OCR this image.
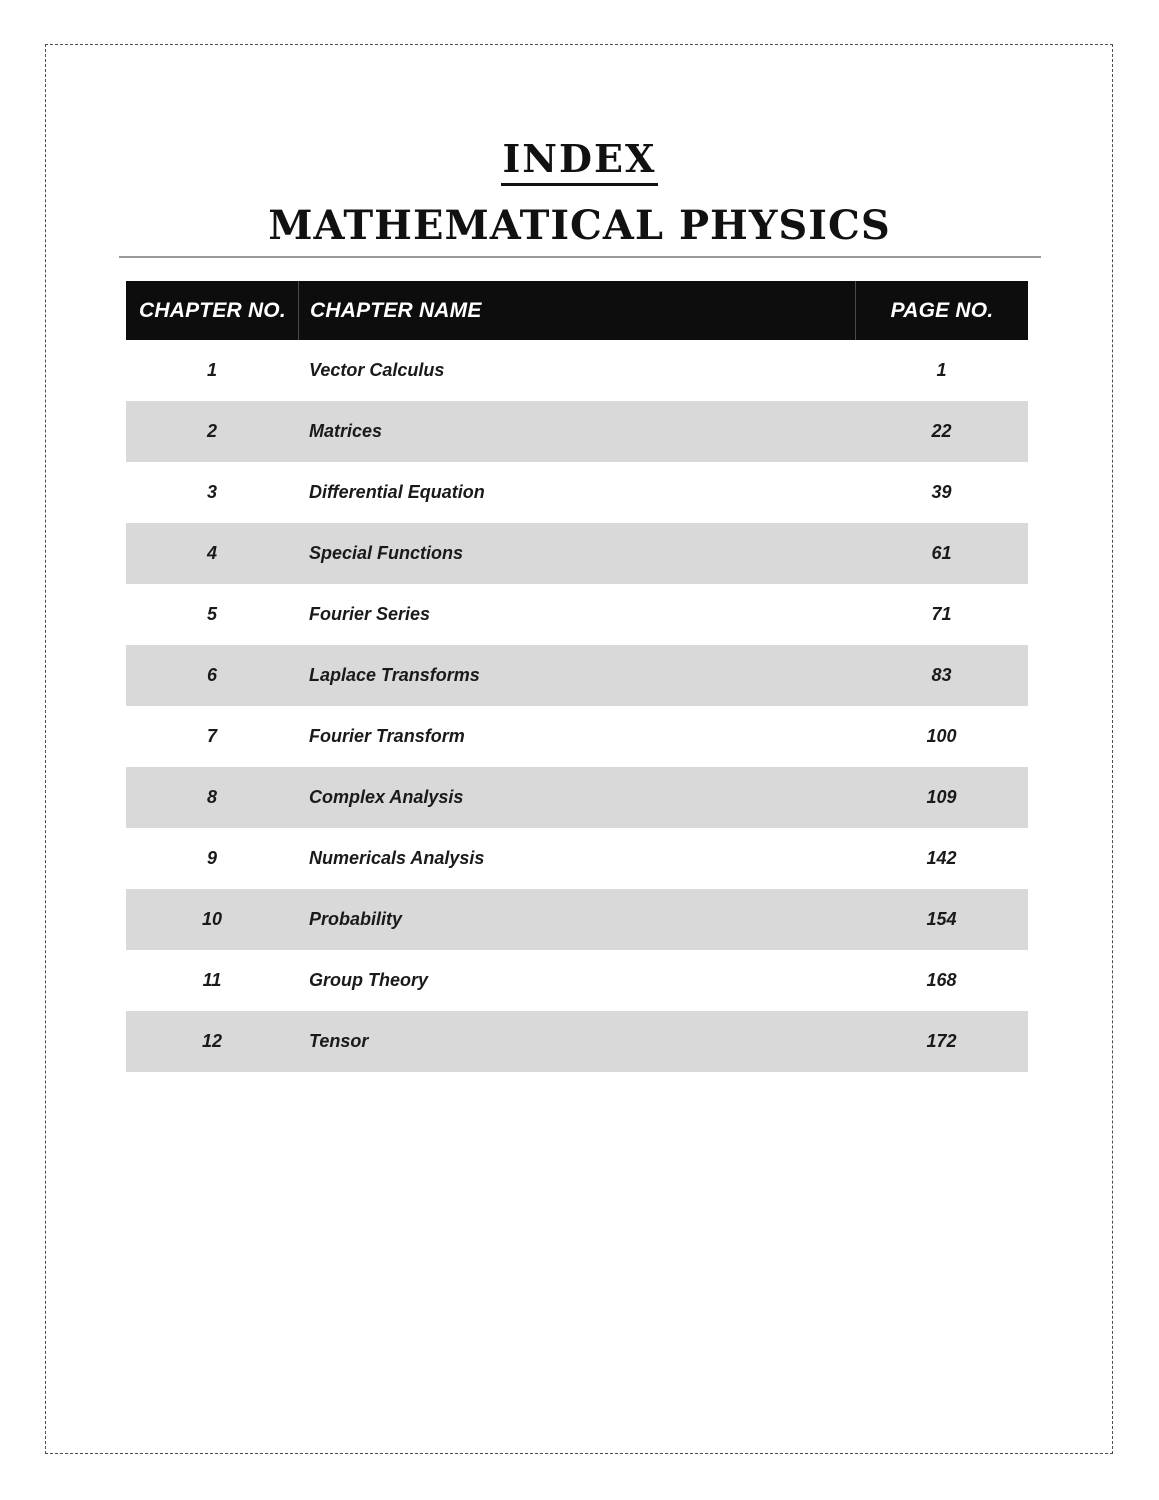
INDEX
MATHEMATICAL PHYSICS
CHAPTER NO.	CHAPTER NAME	PAGE NO.
1	Vector Calculus	1
2	Matrices	22
3	Differential Equation	39
4	Special Functions	61
5	Fourier Series	71
6	Laplace Transforms	83
7	Fourier Transform	100
8	Complex Analysis	109
9	Numericals Analysis	142
10	Probability	154
11	Group Theory	168
12	Tensor	172
